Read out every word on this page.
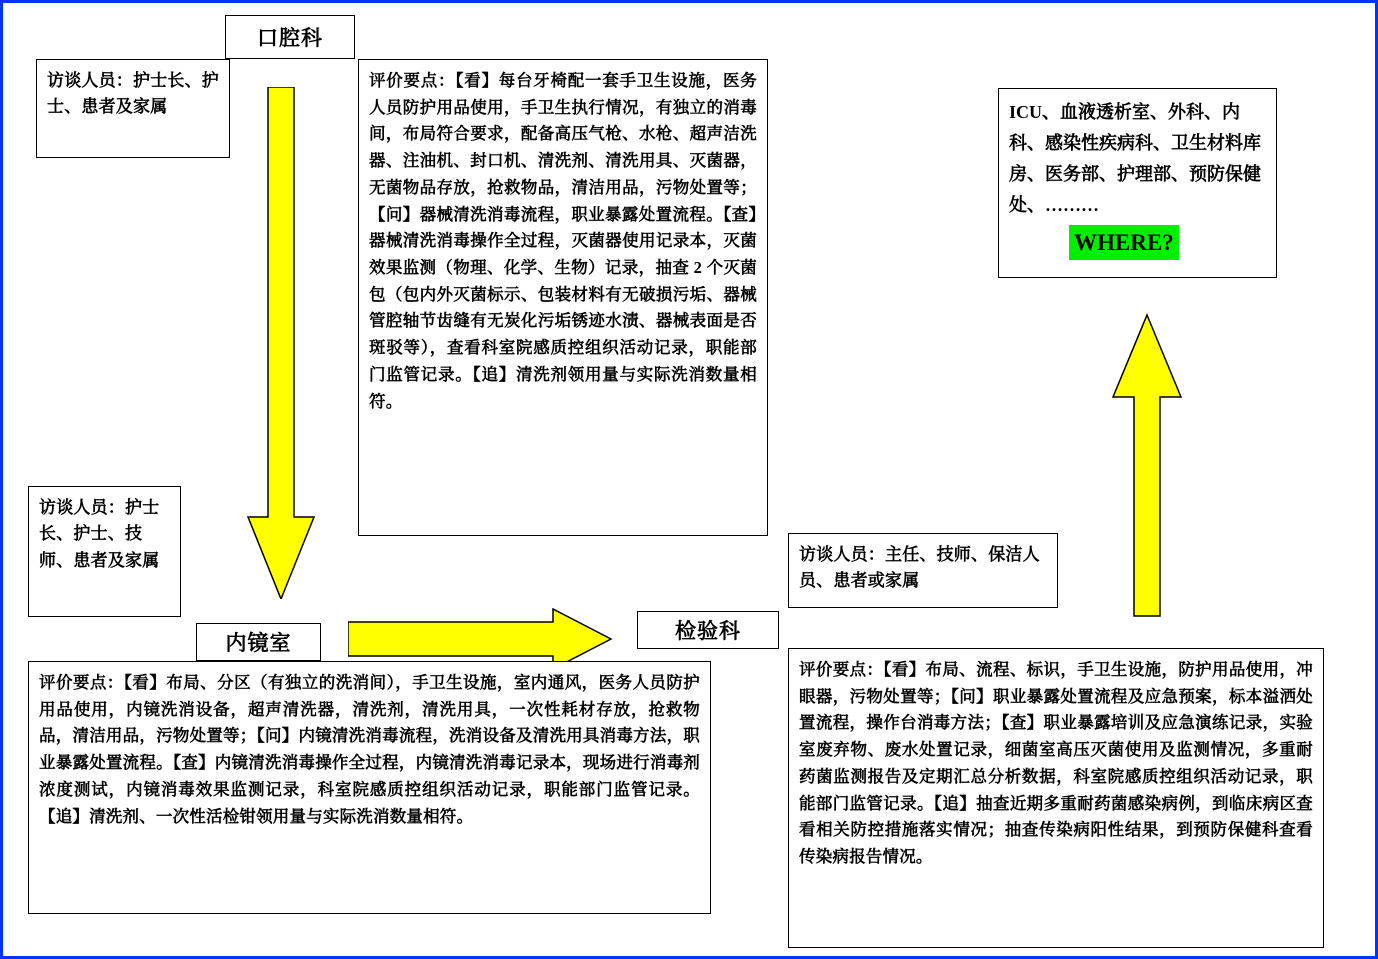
口腔科
访谈人员：护士长、护士、患者及家属
评价要点：【看】每台牙椅配一套手卫生设施，医务人员防护用品使用，手卫生执行情况，有独立的消毒间，布局符合要求，配备高压气枪、水枪、超声洁洗器、注油机、封口机、清洗剂、清洗用具、灭菌器，无菌物品存放，抢救物品，清洁用品，污物处置等；【问】器械清洗消毒流程，职业暴露处置流程。【查】器械清洗消毒操作全过程，灭菌器使用记录本，灭菌效果监测（物理、化学、生物）记录，抽查 2 个灭菌包（包内外灭菌标示、包装材料有无破损污垢、器械管腔轴节齿缝有无炭化污垢锈迹水渍、器械表面是否斑驳等），查看科室院感质控组织活动记录，职能部门监管记录。【追】清洗剂领用量与实际洗消数量相符。
ICU、血液透析室、外科、内科、感染性疾病科、卫生材料库房、医务部、护理部、预防保健处、………
WHERE?
访谈人员：护士长、护士、技师、患者及家属
内镜室
评价要点：【看】布局、分区（有独立的洗消间），手卫生设施，室内通风，医务人员防护用品使用，内镜洗消设备，超声清洗器，清洗剂，清洗用具，一次性耗材存放，抢救物品，清洁用品，污物处置等；【问】内镜清洗消毒流程，洗消设备及清洗用具消毒方法，职业暴露处置流程。【查】内镜清洗消毒操作全过程，内镜清洗消毒记录本，现场进行消毒剂浓度测试，内镜消毒效果监测记录，科室院感质控组织活动记录，职能部门监管记录。【追】清洗剂、一次性活检钳领用量与实际洗消数量相符。
访谈人员：主任、技师、保洁人员、患者或家属
检验科
评价要点：【看】布局、流程、标识，手卫生设施，防护用品使用，冲眼器，污物处置等；【问】职业暴露处置流程及应急预案，标本溢洒处置流程，操作台消毒方法；【查】职业暴露培训及应急演练记录，实验室废弃物、废水处置记录，细菌室高压灭菌使用及监测情况，多重耐药菌监测报告及定期汇总分析数据，科室院感质控组织活动记录，职能部门监管记录。【追】抽查近期多重耐药菌感染病例，到临床病区查看相关防控措施落实情况；抽查传染病阳性结果，到预防保健科查看传染病报告情况。
